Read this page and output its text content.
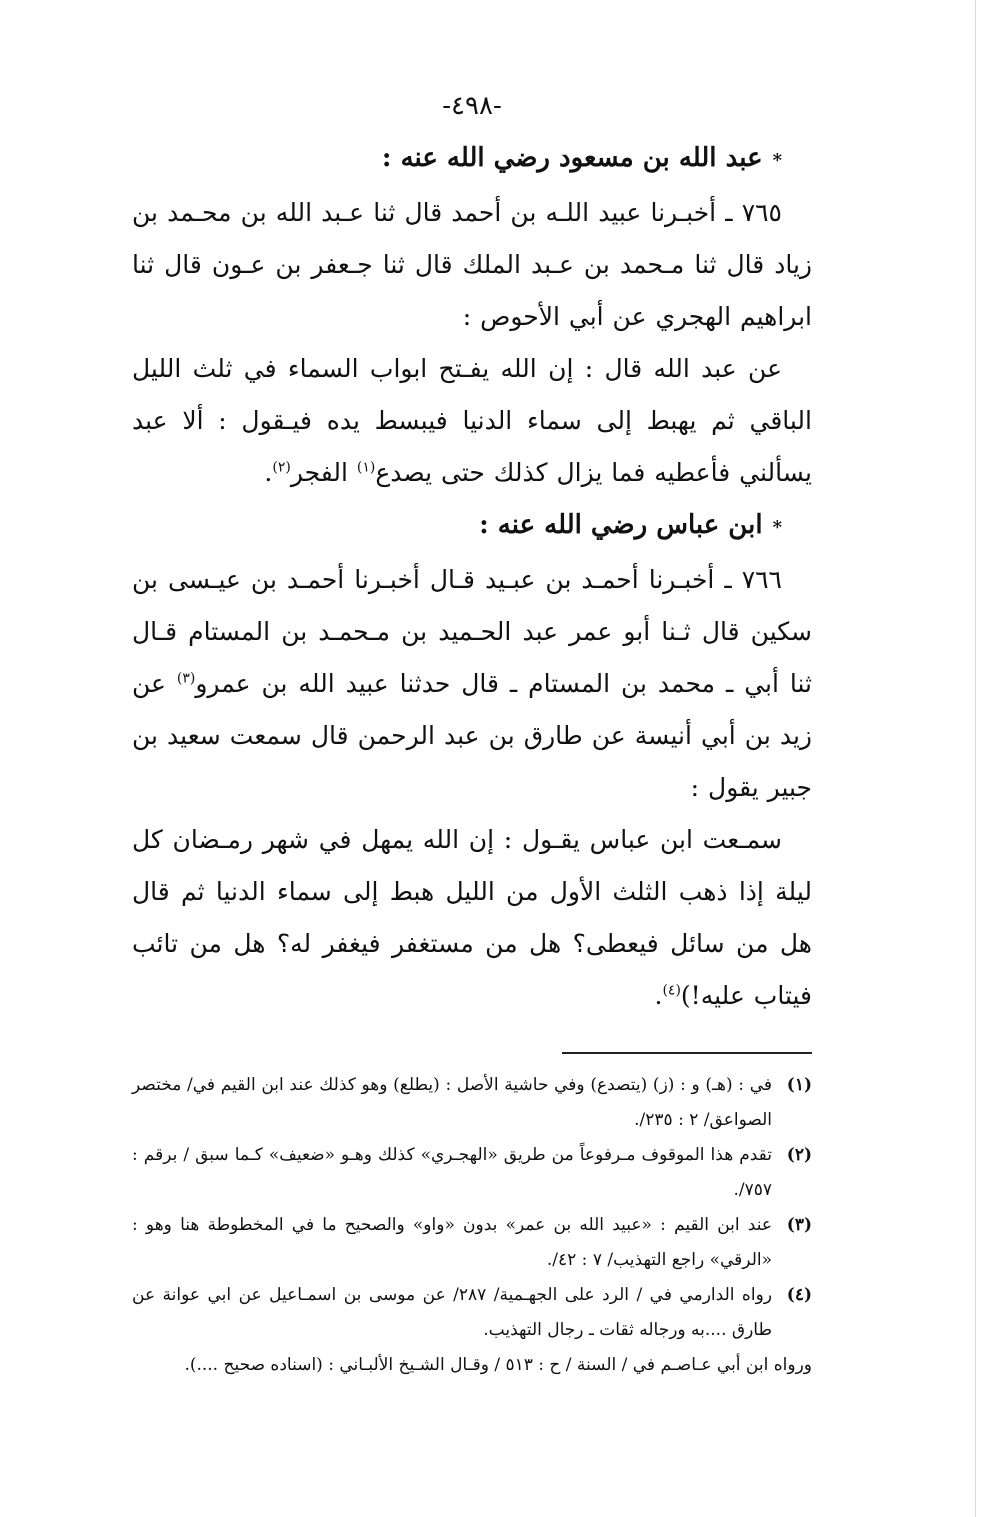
-٤٩٨-
*عبد الله بن مسعود رضي الله عنه :
٧٦٥ ـ أخبـرنا عبيد اللـه بن أحمد قال ثنا عـبد الله بن محـمد بن زياد قال ثنا مـحمد بن عـبد الملك قال ثنا جـعفر بن عـون قال ثنا ابراهيم الهجري عن أبي الأحوص :
عن عبد الله قال : إن الله يفـتح ابواب السماء في ثلث الليل الباقي ثم يهبط إلى سماء الدنيا فيبسط يده فيـقول : ألا عبد يسألني فأعطيه فما يزال كذلك حتى يصدع$^{(١)}$ الفجر$^{(٢)}$.
*ابن عباس رضي الله عنه :
٧٦٦ ـ أخبـرنا أحمـد بن عبـيد قـال أخبـرنا أحمـد بن عيـسى بن سكين قال ثـنا أبو عمر عبد الحـميد بن مـحمـد بن المستام قـال ثنا أبي ـ محمد بن المستام ـ قال حدثنا عبيد الله بن عمرو$^{(٣)}$ عن زيد بن أبي أنيسة عن طارق بن عبد الرحمن قال سمعت سعيد بن جبير يقول :
سمـعت ابن عباس يقـول : إن الله يمهل في شهر رمـضان كل ليلة إذا ذهب الثلث الأول من الليل هبط إلى سماء الدنيا ثم قال هل من سائل فيعطى؟ هل من مستغفر فيغفر له؟ هل من تائب فيتاب عليه!)$^{(٤)}$.
(١)
في : (هـ) و : (ز) (يتصدع) وفي حاشية الأصل : (يطلع) وهو كذلك عند ابن القيم في/ مختصر الصواعق/ ٢ : ٢٣٥/.
(٢)
تقدم هذا الموقوف مـرفوعاً من طريق «الهجـري» كذلك وهـو «ضعيف» كـما سبق / برقم : ٧٥٧/.
(٣)
عند ابن القيم : «عبيد الله بن عمر» بدون «واو» والصحيح ما في المخطوطة هنا وهو : «الرقي» راجع التهذيب/ ٧ : ٤٢/.
(٤)
رواه الدارمي في / الرد على الجهـمية/ ٢٨٧/ عن موسى بن اسمـاعيل عن ابي عوانة عن طارق ....به ورجاله ثقات ـ رجال التهذيب.
ورواه ابن أبي عـاصـم في / السنة / ح : ٥١٣ / وقـال الشـيخ الألبـاني : (اسناده صحيح ....).
